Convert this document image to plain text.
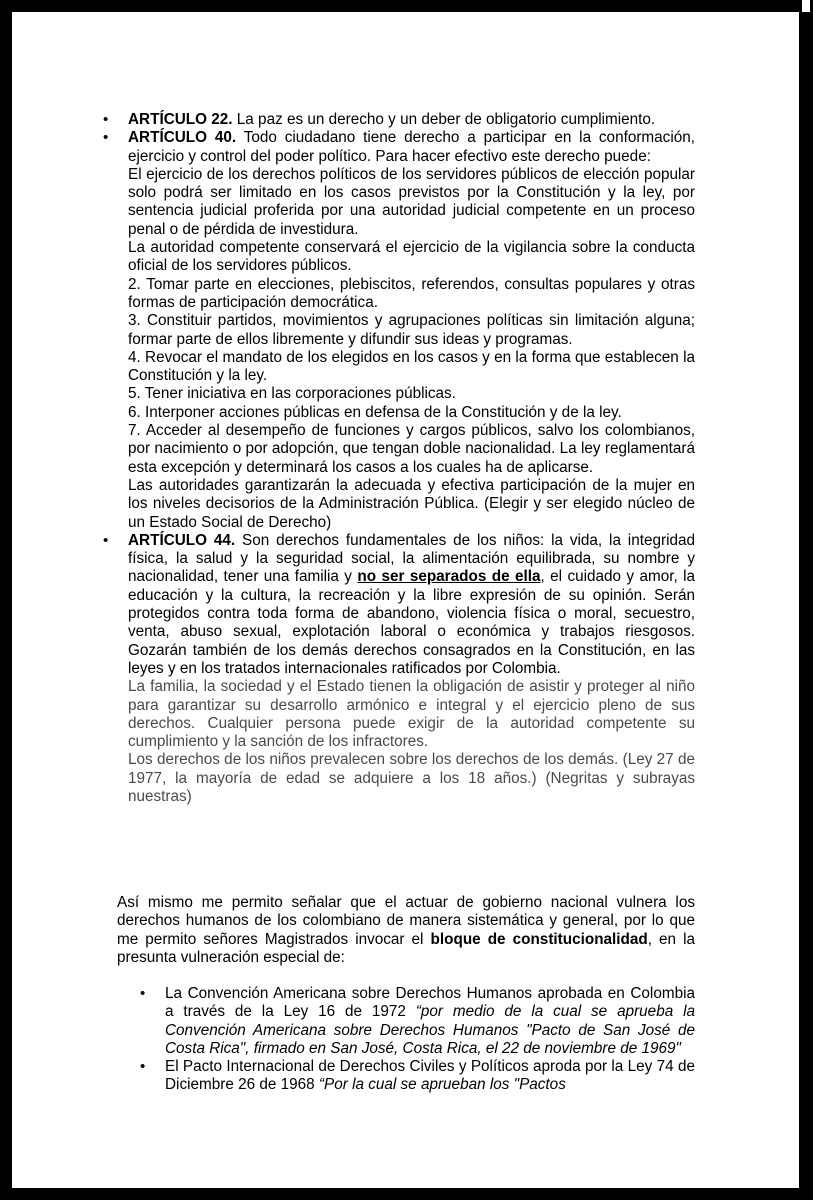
• ARTÍCULO 22. La paz es un derecho y un deber de obligatorio cumplimiento.

• ARTÍCULO 40. Todo ciudadano tiene derecho a participar en la conformación, ejercicio y control del poder político. Para hacer efectivo este derecho puede:

El ejercicio de los derechos políticos de los servidores públicos de elección popular solo podrá ser limitado en los casos previstos por la Constitución y la ley, por sentencia judicial proferida por una autoridad judicial competente en un proceso penal o de pérdida de investidura.

La autoridad competente conservará el ejercicio de la vigilancia sobre la conducta oficial de los servidores públicos.

2. Tomar parte en elecciones, plebiscitos, referendos, consultas populares y otras formas de participación democrática.

3. Constituir partidos, movimientos y agrupaciones políticas sin limitación alguna; formar parte de ellos libremente y difundir sus ideas y programas.

4. Revocar el mandato de los elegidos en los casos y en la forma que establecen la Constitución y la ley.

5. Tener iniciativa en las corporaciones públicas.

6. Interponer acciones públicas en defensa de la Constitución y de la ley.

7. Acceder al desempeño de funciones y cargos públicos, salvo los colombianos, por nacimiento o por adopción, que tengan doble nacionalidad. La ley reglamentará esta excepción y determinará los casos a los cuales ha de aplicarse.

Las autoridades garantizarán la adecuada y efectiva participación de la mujer en los niveles decisorios de la Administración Pública. (Elegir y ser elegido núcleo de un Estado Social de Derecho)

• ARTÍCULO 44. Son derechos fundamentales de los niños: la vida, la integridad física, la salud y la seguridad social, la alimentación equilibrada, su nombre y nacionalidad, tener una familia y no ser separados de ella, el cuidado y amor, la educación y la cultura, la recreación y la libre expresión de su opinión. Serán protegidos contra toda forma de abandono, violencia física o moral, secuestro, venta, abuso sexual, explotación laboral o económica y trabajos riesgosos. Gozarán también de los demás derechos consagrados en la Constitución, en las leyes y en los tratados internacionales ratificados por Colombia.

La familia, la sociedad y el Estado tienen la obligación de asistir y proteger al niño para garantizar su desarrollo armónico e integral y el ejercicio pleno de sus derechos. Cualquier persona puede exigir de la autoridad competente su cumplimiento y la sanción de los infractores.

Los derechos de los niños prevalecen sobre los derechos de los demás. (Ley 27 de 1977, la mayoría de edad se adquiere a los 18 años.) (Negritas y subrayas nuestras)

Así mismo me permito señalar que el actuar de gobierno nacional vulnera los derechos humanos de los colombiano de manera sistemática y general, por lo que me permito señores Magistrados invocar el bloque de constitucionalidad, en la presunta vulneración especial de:

• La Convención Americana sobre Derechos Humanos aprobada en Colombia a través de la Ley 16 de 1972 “por medio de la cual se aprueba la Convención Americana sobre Derechos Humanos "Pacto de San José de Costa Rica", firmado en San José, Costa Rica, el 22 de noviembre de 1969"
• El Pacto Internacional de Derechos Civiles y Políticos aproda por la Ley 74 de Diciembre 26 de 1968 “Por la cual se aprueban los "Pactos
